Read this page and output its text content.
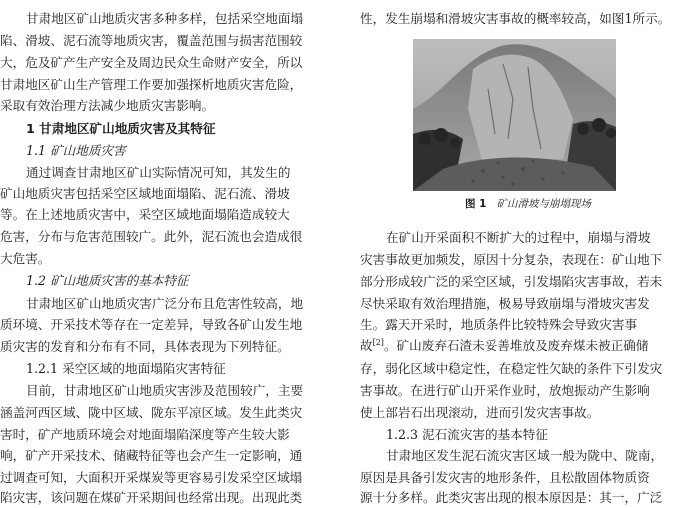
甘肃地区矿山地质灾害多种多样，包括采空地面塌
陷、滑坡、泥石流等地质灾害，覆盖范围与损害范围较
大，危及矿产生产安全及周边民众生命财产安全，所以
甘肃地区矿山生产管理工作要加强探析地质灾害危险，
采取有效治理方法减少地质灾害影响。
1 甘肃地区矿山地质灾害及其特征
1.1 矿山地质灾害
通过调查甘肃地区矿山实际情况可知，其发生的
矿山地质灾害包括采空区域地面塌陷、泥石流、滑坡
等。在上述地质灾害中，采空区域地面塌陷造成较大
危害，分布与危害范围较广。此外，泥石流也会造成很
大危害。
1.2 矿山地质灾害的基本特征
甘肃地区矿山地质灾害广泛分布且危害性较高，地
质环境、开采技术等存在一定差异，导致各矿山发生地
质灾害的发育和分布有不同，具体表现为下列特征。
1.2.1 采空区域的地面塌陷灾害特征
目前，甘肃地区矿山地质灾害涉及范围较广，主要
涵盖河西区域、陇中区域、陇东平凉区域。发生此类灾
害时，矿产地质环境会对地面塌陷深度等产生较大影
响，矿产开采技术、储藏特征等也会产生一定影响，通
过调查可知，大面积开采煤炭等更容易引发采空区域塌
陷灾害，该问题在煤矿开采期间也经常出现。出现此类
性，发生崩塌和滑坡灾害事故的概率较高，如图1所示。
图 1 矿山滑坡与崩塌现场
在矿山开采面积不断扩大的过程中，崩塌与滑坡
灾害事故更加频发，原因十分复杂，表现在：矿山地下
部分形成较广泛的采空区域，引发塌陷灾害事故，若未
尽快采取有效治理措施，极易导致崩塌与滑坡灾害发
生。露天开采时，地质条件比较特殊会导致灾害事
故[2]。矿山废弃石渣未妥善堆放及废弃煤未被正确储
存，弱化区域中稳定性，在稳定性欠缺的条件下引发灾
害事故。在进行矿山开采作业时，放炮振动产生影响
使上部岩石出现滚动，进而引发灾害事故。
1.2.3 泥石流灾害的基本特征
甘肃地区发生泥石流灾害区域一般为陇中、陇南，
原因是具备引发灾害的地形条件，且松散固体物质资
源十分多样。此类灾害出现的根本原因是：其一，广泛
